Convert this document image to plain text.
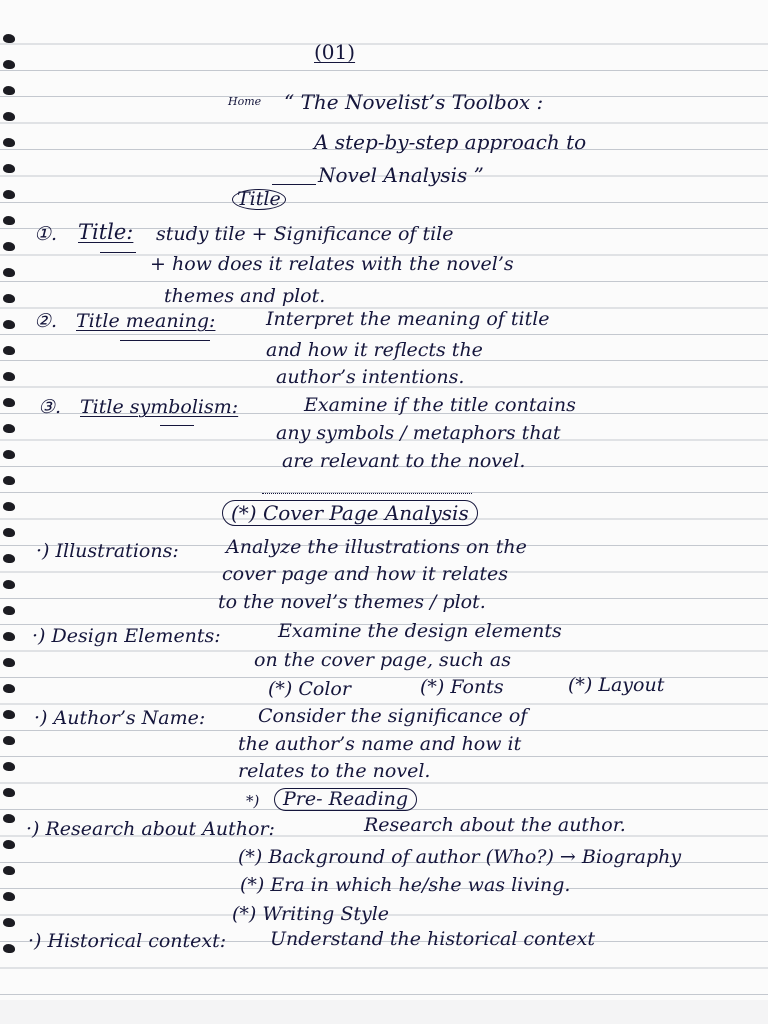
(01)
Home “ The Novelist’s Toolbox :
A step-by-step approach to
Novel Analysis ”
Title
①. Title: study tile + Significance of tile
+ how does it relates with the novel’s
themes and plot.
②. Title meaning:	Interpret the meaning of title
and how it reflects the
author’s intentions.
③. Title symbolism:	Examine if the title contains
any symbols / metaphors that
are relevant to the novel.
(*) Cover Page Analysis
·) Illustrations: Analyze the illustrations on the
cover page and how it relates
to the novel’s themes / plot.
·) Design Elements:	Examine the design elements
on the cover page, such as
(*) Color	(*) Fonts	(*) Layout
·) Author’s Name:	Consider the significance of
the author’s name and how it
relates to the novel.
*)	Pre- Reading
·) Research about Author:	Research about the author.
(*) Background of author (Who?) → Biography
(*) Era in which he/she was living.
(*) Writing Style
·) Historical context: Understand the historical context
